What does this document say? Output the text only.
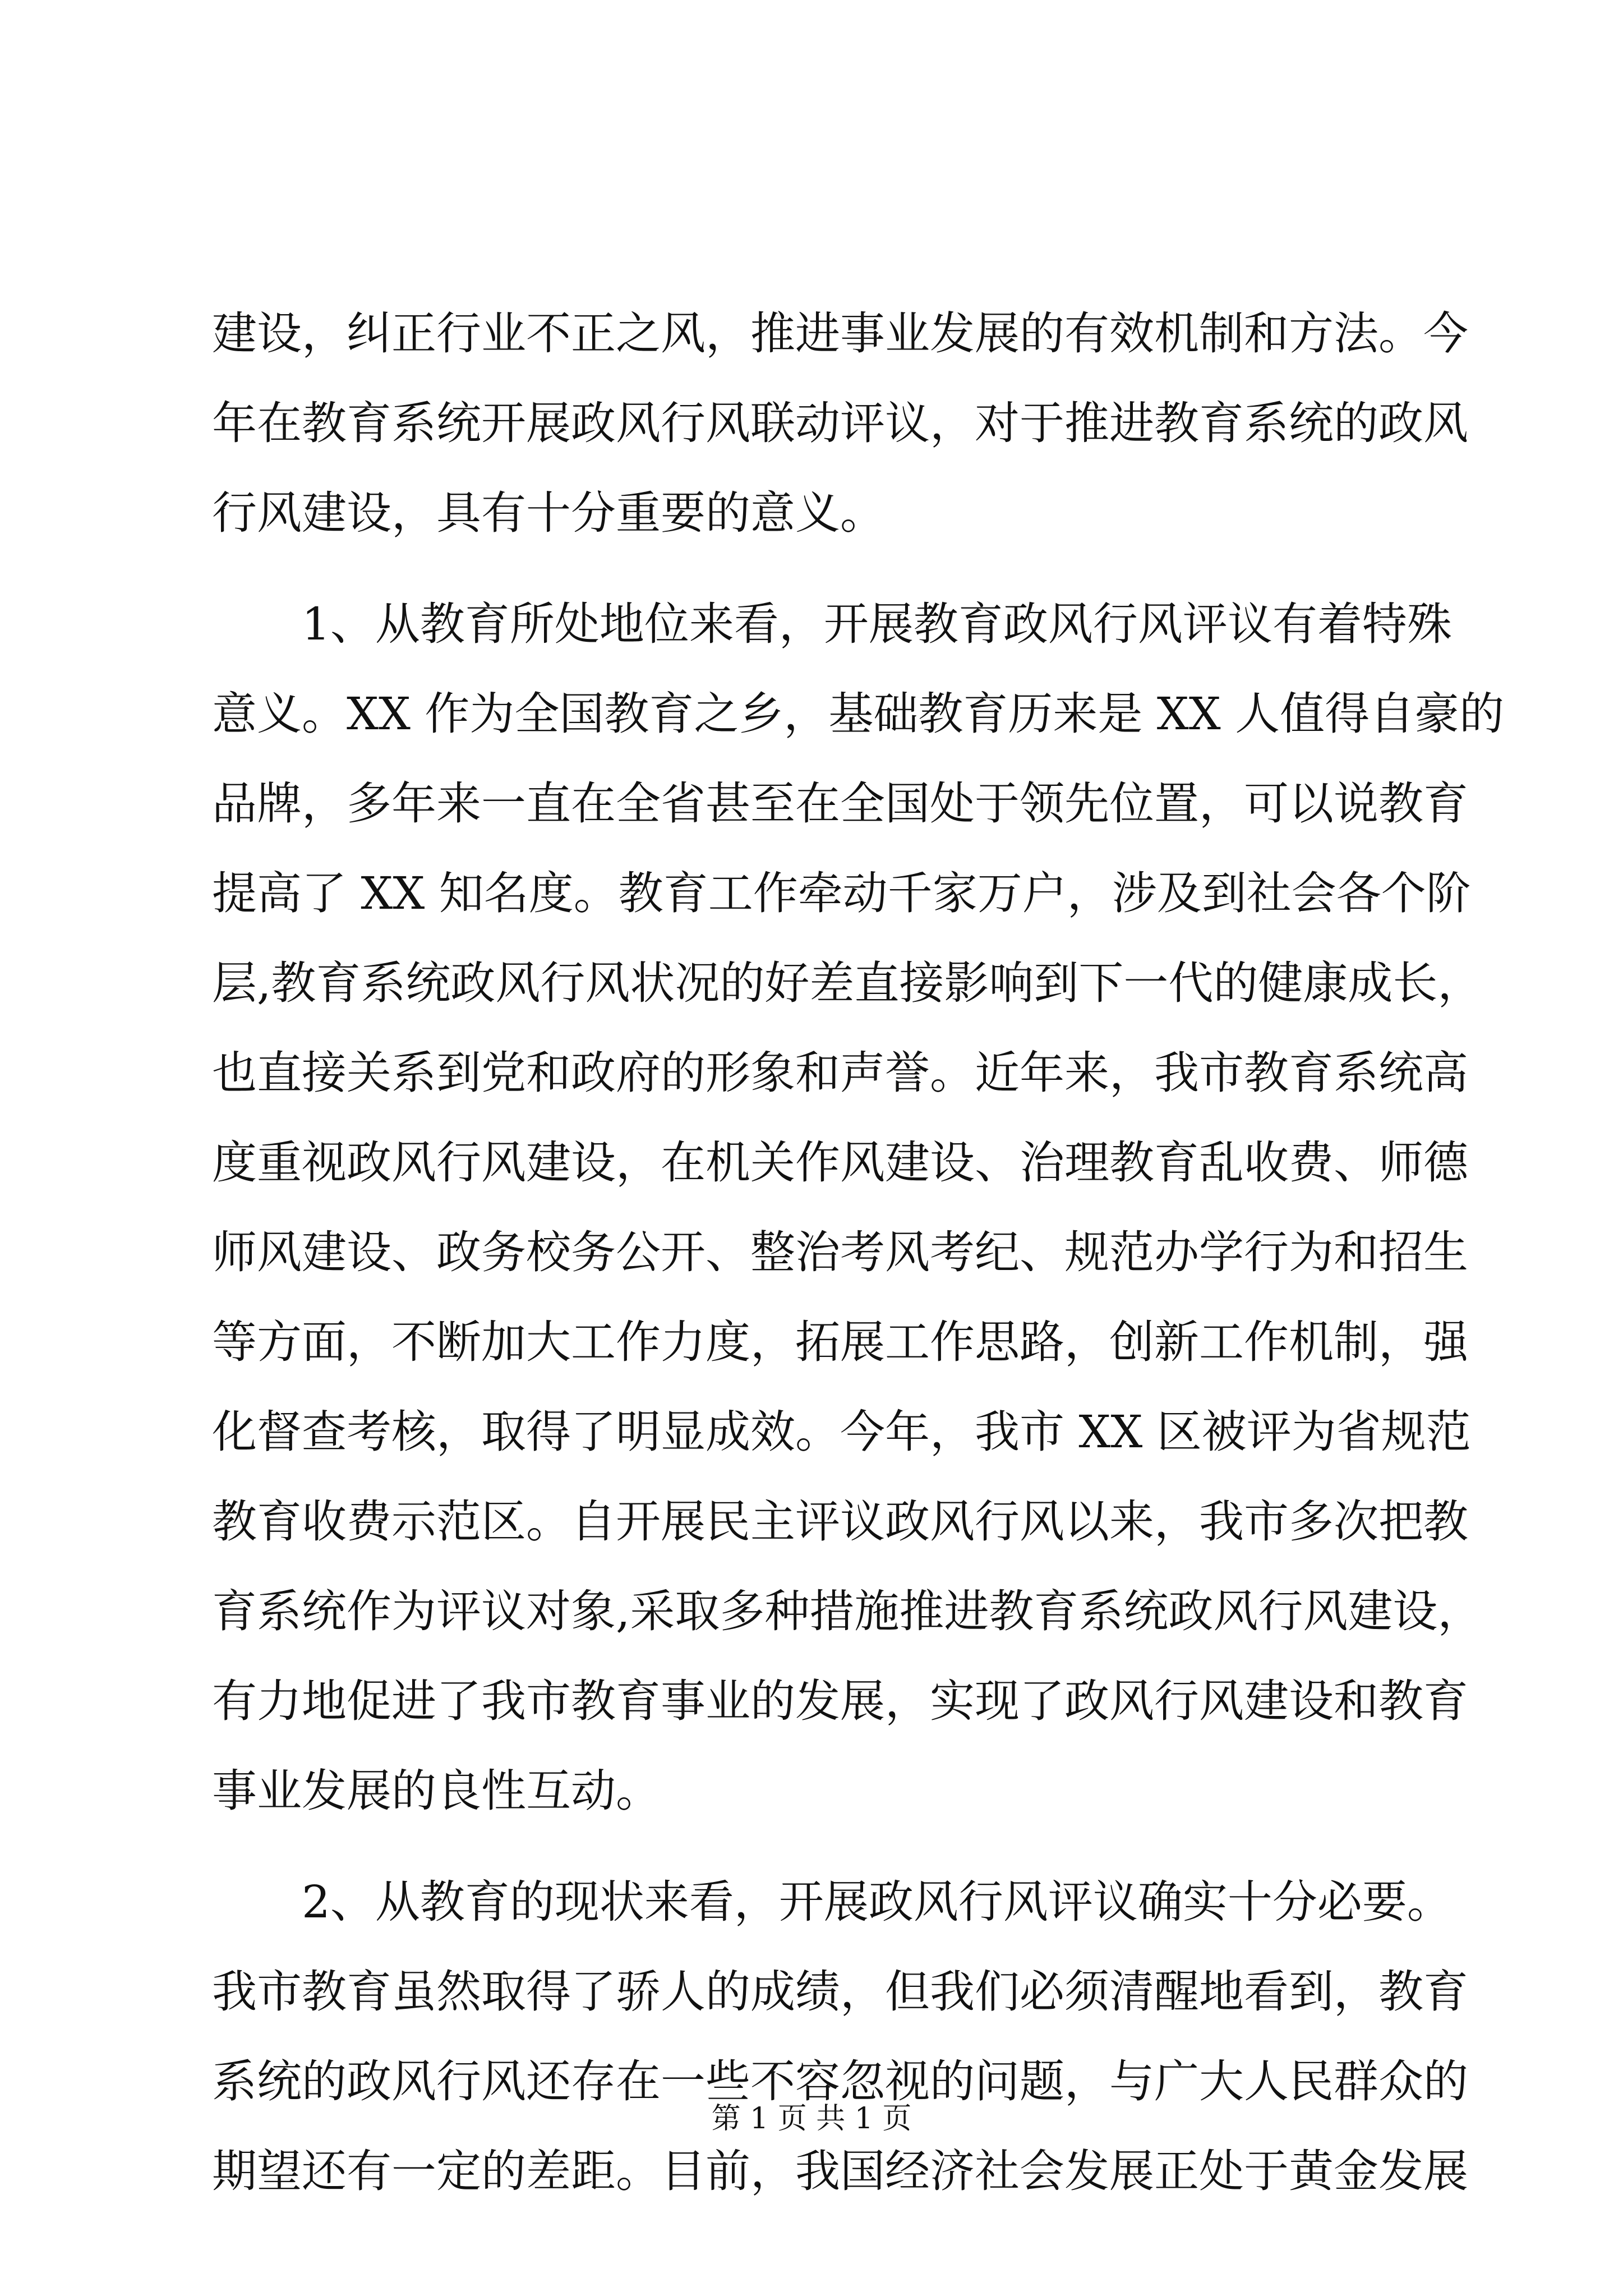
建设，纠正行业不正之风，推进事业发展的有效机制和方法。今
年在教育系统开展政风行风联动评议，对于推进教育系统的政风
行风建设，具有十分重要的意义。
1、从教育所处地位来看，开展教育政风行风评议有着特殊
意义。XX 作为全国教育之乡，基础教育历来是 XX 人值得自豪的
品牌，多年来一直在全省甚至在全国处于领先位置，可以说教育
提高了 XX 知名度。教育工作牵动千家万户，涉及到社会各个阶
层,教育系统政风行风状况的好差直接影响到下一代的健康成长，
也直接关系到党和政府的形象和声誉。近年来，我市教育系统高
度重视政风行风建设，在机关作风建设、治理教育乱收费、师德
师风建设、政务校务公开、整治考风考纪、规范办学行为和招生
等方面，不断加大工作力度，拓展工作思路，创新工作机制，强
化督查考核，取得了明显成效。今年，我市 XX 区被评为省规范
教育收费示范区。自开展民主评议政风行风以来，我市多次把教
育系统作为评议对象,采取多种措施推进教育系统政风行风建设，
有力地促进了我市教育事业的发展，实现了政风行风建设和教育
事业发展的良性互动。
2、从教育的现状来看，开展政风行风评议确实十分必要。
我市教育虽然取得了骄人的成绩，但我们必须清醒地看到，教育
系统的政风行风还存在一些不容忽视的问题，与广大人民群众的
期望还有一定的差距。目前，我国经济社会发展正处于黄金发展
第 1 页 共 1 页
